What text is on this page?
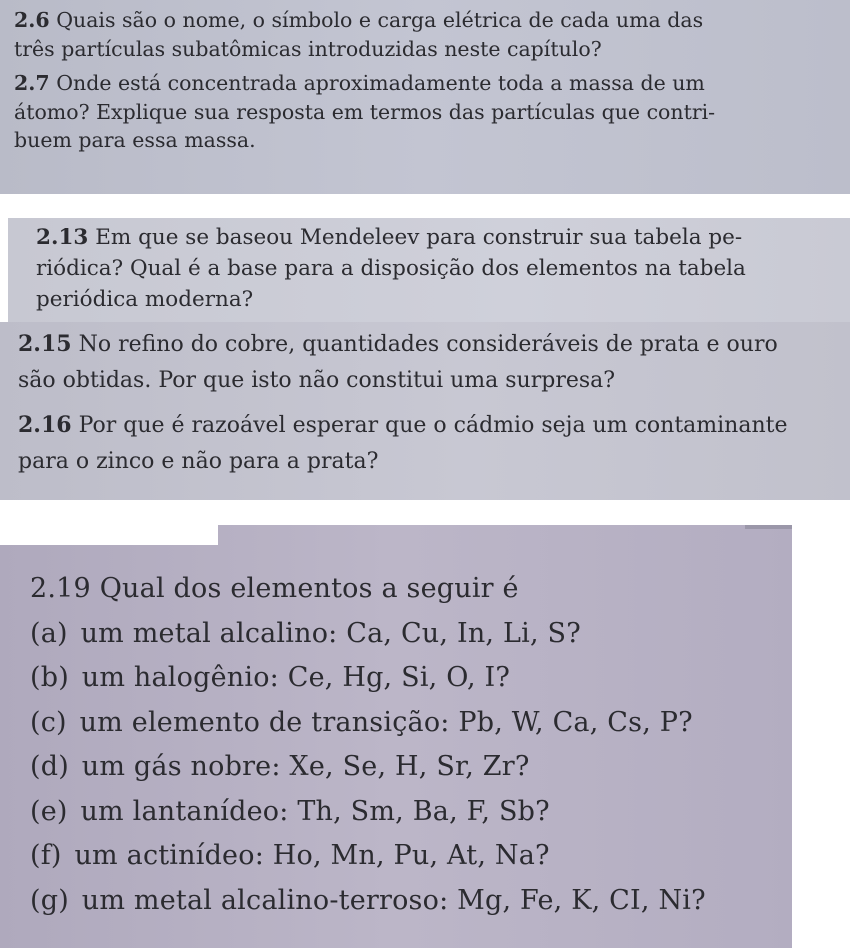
2.6 Quais são o nome, o símbolo e carga elétrica de cada uma das
três partículas subatômicas introduzidas neste capítulo?
2.7 Onde está concentrada aproximadamente toda a massa de um
átomo? Explique sua resposta em termos das partículas que contri-
buem para essa massa.
2.13 Em que se baseou Mendeleev para construir sua tabela pe-
riódica? Qual é a base para a disposição dos elementos na tabela
periódica moderna?
2.15 No refino do cobre, quantidades consideráveis de prata e ouro
são obtidas. Por que isto não constitui uma surpresa?
2.16 Por que é razoável esperar que o cádmio seja um contaminante
para o zinco e não para a prata?
2.19 Qual dos elementos a seguir é
(a) um metal alcalino: Ca, Cu, In, Li, S?
(b) um halogênio: Ce, Hg, Si, O, I?
(c) um elemento de transição: Pb, W, Ca, Cs, P?
(d) um gás nobre: Xe, Se, H, Sr, Zr?
(e) um lantanídeo: Th, Sm, Ba, F, Sb?
(f) um actinídeo: Ho, Mn, Pu, At, Na?
(g) um metal alcalino-terroso: Mg, Fe, K, CI, Ni?
